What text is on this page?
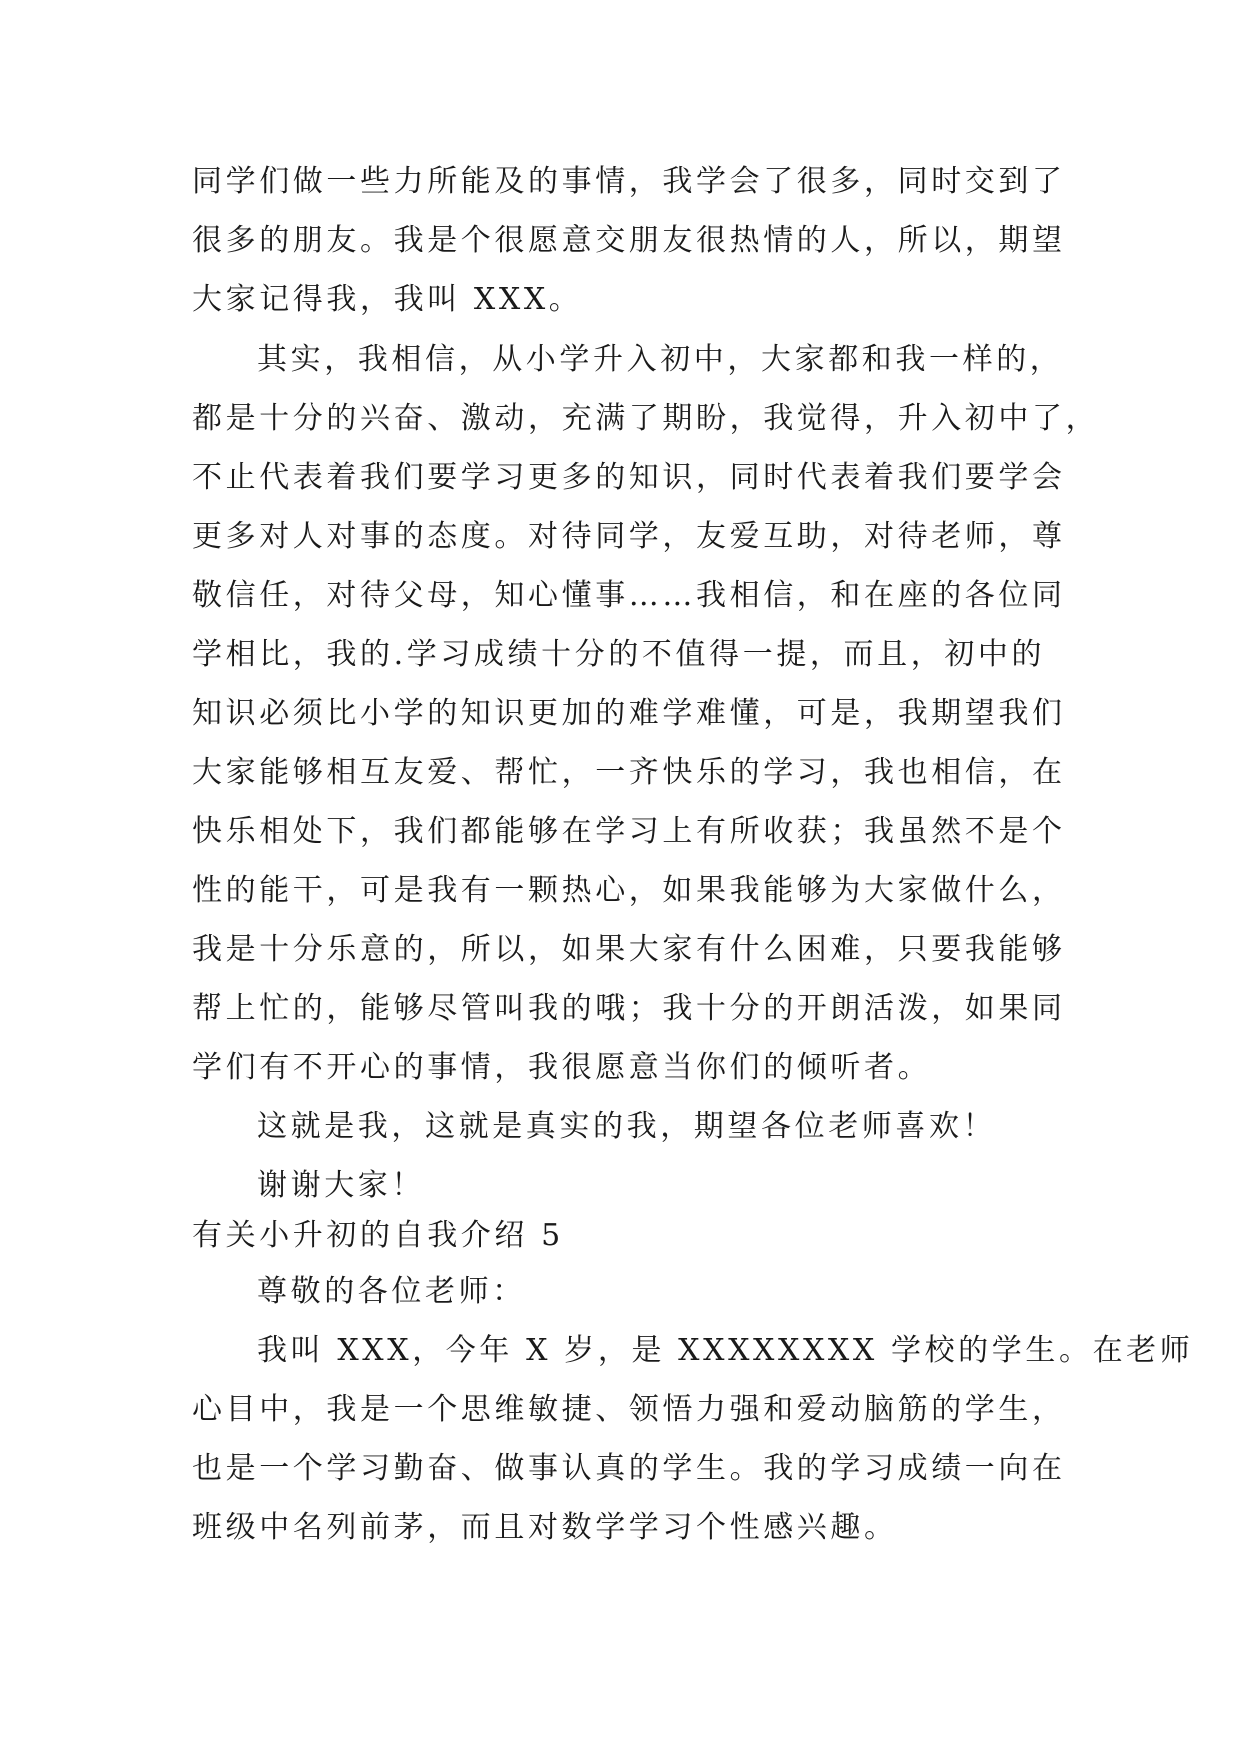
同学们做一些力所能及的事情，我学会了很多，同时交到了
很多的朋友。我是个很愿意交朋友很热情的人，所以，期望
大家记得我，我叫 XXX。
其实，我相信，从小学升入初中，大家都和我一样的，
都是十分的兴奋、激动，充满了期盼，我觉得，升入初中了，
不止代表着我们要学习更多的知识，同时代表着我们要学会
更多对人对事的态度。对待同学，友爱互助，对待老师，尊
敬信任，对待父母，知心懂事……我相信，和在座的各位同
学相比，我的.学习成绩十分的不值得一提，而且，初中的
知识必须比小学的知识更加的难学难懂，可是，我期望我们
大家能够相互友爱、帮忙，一齐快乐的学习，我也相信，在
快乐相处下，我们都能够在学习上有所收获；我虽然不是个
性的能干，可是我有一颗热心，如果我能够为大家做什么，
我是十分乐意的，所以，如果大家有什么困难，只要我能够
帮上忙的，能够尽管叫我的哦；我十分的开朗活泼，如果同
学们有不开心的事情，我很愿意当你们的倾听者。
这就是我，这就是真实的我，期望各位老师喜欢！
谢谢大家！
有关小升初的自我介绍 5
尊敬的各位老师：
我叫 XXX，今年 X 岁，是 XXXXXXXX 学校的学生。在老师
心目中，我是一个思维敏捷、领悟力强和爱动脑筋的学生，
也是一个学习勤奋、做事认真的学生。我的学习成绩一向在
班级中名列前茅，而且对数学学习个性感兴趣。
